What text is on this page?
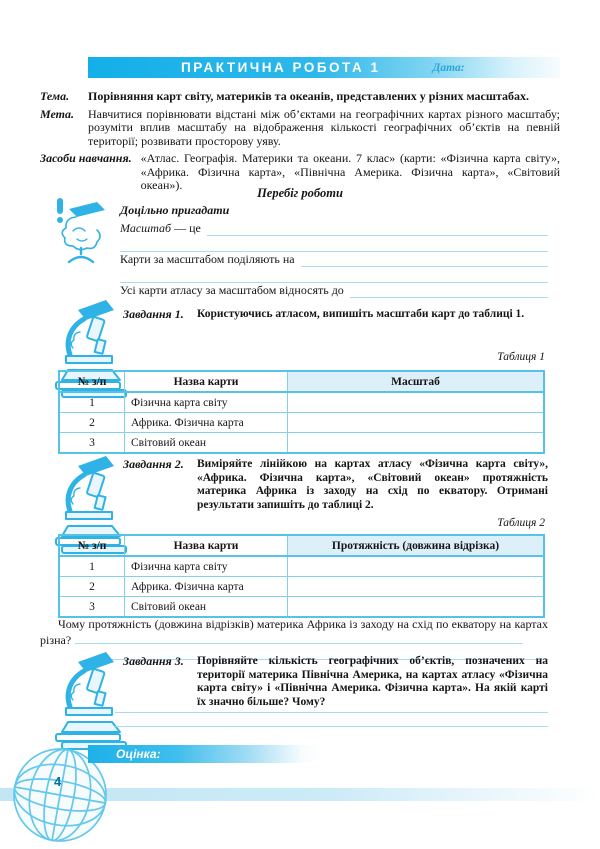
ПРАКТИЧНА РОБОТА 1	Дата:
Тема.	Порівняння карт світу, материків та океанів, представлених у різних масштабах.
Мета.	Навчитися порівнювати відстані між об’єктами на географічних картах різного масштабу; розуміти вплив масштабу на відображення кількості географічних об’єктів на певній території; розвивати просторову уяву.
Засоби навчання. «Атлас. Географія. Материки та океани. 7 клас» (карти: «Фізична карта світу», «Африка. Фізична карта», «Північна Америка. Фізична карта», «Світовий океан»).
Перебіг роботи
Доцільно пригадати
Масштаб — це
Карти за масштабом поділяють на
Усі карти атласу за масштабом відносять до
Завдання 1.	Користуючись атласом, випишіть масштаби карт до таблиці 1.
Таблиця 1
№ з/п	Назва карти	Масштаб
1	Фізична карта світу	
2	Африка. Фізична карта	
3	Світовий океан	
Завдання 2.	Виміряйте лінійкою на картах атласу «Фізична карта світу», «Африка. Фізична карта», «Світовий океан» протяжність материка Африка із заходу на схід по екватору. Отримані результати запишіть до таблиці 2.
Таблиця 2
№ з/п	Назва карти	Протяжність (довжина відрізка)
1	Фізична карта світу	
2	Африка. Фізична карта	
3	Світовий океан	
Чому протяжність (довжина відрізків) материка Африка із заходу на схід по екватору на картах різна?
Завдання 3.	Порівняйте кількість географічних об’єктів, позначених на території материка Північна Америка, на картах атласу «Фізична карта світу» і «Північна Америка. Фізична карта». На якій карті їх значно більше? Чому?
Оцінка:
4
